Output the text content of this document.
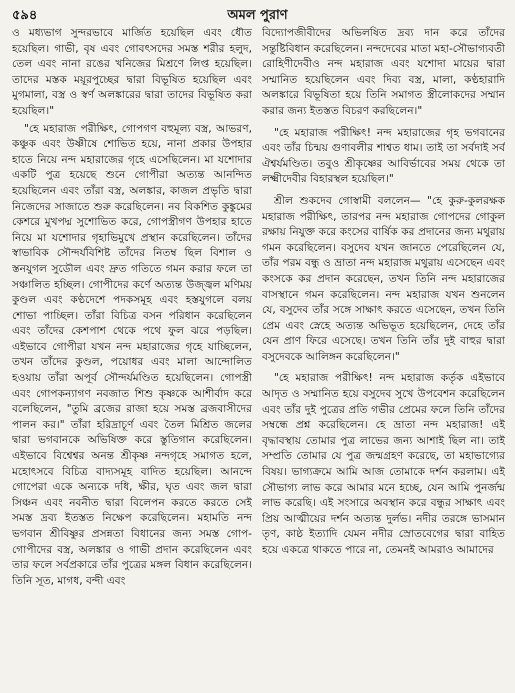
৫৯৪	অমল পুরাণ

ও মধ্যভাগ সুন্দরভাবে মার্জিত হয়েছিল এবং ধৌত হয়েছিল। গাভী, বৃষ এবং গোবৎসদের সমস্ত শরীর হলুদ, তেল এবং নানা রঙের খনিজের মিশ্রণে লিপ্ত হয়েছিল। তাদের মস্তক ময়ূরপুচ্ছের দ্বারা বিভূষিত হয়েছিল এবং মুগমালা, বস্ত্র ও স্বর্ণ অলঙ্কারের দ্বারা তাদের বিভূষিত করা হয়েছিল।"

"হে মহারাজ পরীক্ষিৎ, গোপগণ বহুমূল্য বস্ত্র, আভরণ, কঞ্চুক এবং উষ্ণীষে শোভিত হয়ে, নানা প্রকার উপহার হাতে নিয়ে নন্দ মহারাজের গৃহে এসেছিলেন। মা যশোদার একটি পুত্র হয়েছে শুনে গোপীরা অত্যন্ত আনন্দিত হয়েছিলেন এবং তাঁরা বস্ত্র, অলঙ্কার, কাজল প্রভৃতি দ্বারা নিজেদের সাজাতে শুরু করেছিলেন। নব বিকশিত কুঙ্কুমের কেশরে মুখপদ্ম সুশোভিত করে, গোপস্ত্রীগণ উপহার হাতে নিয়ে মা যশোদার গৃহাভিমুখে প্রস্থান করেছিলেন। তাঁদের স্বাভাবিক সৌন্দর্যবিশিষ্ট তাঁদের নিতম্ব ছিল বিশাল ও স্তনযুগল সুডৌল এবং দ্রুত গতিতে গমন করার ফলে তা সঞ্চালিত হচ্ছিল। গোপীদের কর্ণে অত্যন্ত উজ্জ্বল মণিময় কুণ্ডল এবং কণ্ঠদেশে পদকসমূহ এবং হস্তযুগলে বলয় শোভা পাচ্ছিল। তাঁরা বিচিত্র বসন পরিধান করেছিলেন এবং তাঁদের কেশপাশ থেকে পথে ফুল ঝরে পড়ছিল। এইভাবে গোপীরা যখন নন্দ মহারাজের গৃহে যাচ্ছিলেন, তখন তাঁদের কুণ্ডল, পয়োধর এবং মালা আন্দোলিত হওয়ায় তাঁরা অপূর্ব সৌন্দর্যমণ্ডিত হয়েছিলেন। গোপস্ত্রী এবং গোপকন্যাগণ নবজাত শিশু কৃষ্ণকে আশীর্বাদ করে বলেছিলেন, "তুমি ব্রজের রাজা হয়ে সমস্ত ব্রজবাসীদের পালন কর।" তাঁরা হরিদ্রাচূর্ণ এবং তৈল মিশ্রিত জলের দ্বারা ভগবানকে অভিষিক্ত করে স্তুতিগান করেছিলেন। এইভাবে বিশ্বেশ্বর অনন্ত শ্রীকৃষ্ণ নন্দগৃহে সমাগত হলে, মহোৎসবে বিচিত্র বাদ্যসমূহ বাদিত হয়েছিল। আনন্দে গোপেরা একে অন্যকে দধি, ক্ষীর, ঘৃত এবং জল দ্বারা সিঞ্চন এবং নবনীত দ্বারা বিলেপন করতে করতে সেই সমস্ত দ্রব্য ইতস্তত নিক্ষেপ করেছিলেন। মহামতি নন্দ ভগবান শ্রীবিষ্ণুর প্রসন্নতা বিধানের জন্য সমস্ত গোপ-গোপীদের বস্ত্র, অলঙ্কার ও গাভী প্রদান করেছিলেন এবং তার ফলে সর্বপ্রকারে তাঁর পুত্রের মঙ্গল বিধান করেছিলেন। তিনি সূত, মাগধ, বন্দী এবং

বিদ্যোপজীবীদের অভিলষিত দ্রব্য দান করে তাঁদের সন্তুষ্টিবিধান করেছিলেন। নন্দদেবের মাতা মহা-সৌভাগ্যবতী রোহিণীদেবীও নন্দ মহারাজ এবং যশোদা মায়ের দ্বারা সম্মানিত হয়েছিলেন এবং দিব্য বস্ত্র, মালা, কণ্ঠহারাদি অলঙ্কারে বিভূষিতা হয়ে তিনি সমাগত স্ত্রীলোকদের সম্মান করার জন্য ইতস্তত বিচরণ করছিলেন।"

"হে মহারাজ পরীক্ষিৎ! নন্দ মহারাজের গৃহ ভগবানের এবং তাঁর চিন্ময় গুণাবলীর শাশ্বত ধাম। তাই তা সর্বদাই সর্ব ঐশ্বর্যমণ্ডিত। তবুও শ্রীকৃষ্ণের আবির্ভাবের সময় থেকে তা লক্ষ্মীদেবীর বিহারস্থল হয়েছিল।"

শ্রীল শুকদেব গোস্বামী বললেন— "হে কুরু-কুলরক্ষক মহারাজ পরীক্ষিৎ, তারপর নন্দ মহারাজ গোপদের গোকুল রক্ষায় নিযুক্ত করে কংসের বার্ষিক কর প্রদানের জন্য মথুরায় গমন করেছিলেন। বসুদেব যখন জানতে পেরেছিলেন যে, তাঁর পরম বন্ধু ও ভ্রাতা নন্দ মহারাজ মথুরায় এসেছেন এবং কংসকে কর প্রদান করেছেন, তখন তিনি নন্দ মহারাজের বাসস্থানে গমন করেছিলেন। নন্দ মহারাজ যখন শুনলেন যে, বসুদেব তাঁর সঙ্গে সাক্ষাৎ করতে এসেছেন, তখন তিনি প্রেম এবং স্নেহে অত্যন্ত অভিভূত হয়েছিলেন, দেহে তাঁর যেন প্রাণ ফিরে এসেছে। তখন তিনি তাঁর দুই বাহুর দ্বারা বসুদেবকে আলিঙ্গন করেছিলেন।"

"হে মহারাজ পরীক্ষিৎ! নন্দ মহারাজ কর্তৃক এইভাবে আদৃত ও সম্মানিত হয়ে বসুদেব সুখে উপবেশন করেছিলেন এবং তাঁর দুই পুত্রের প্রতি গভীর প্রেমের ফলে তিনি তাঁদের সম্বন্ধে প্রশ্ন করেছিলেন। হে ভ্রাতা নন্দ মহারাজ! এই বৃদ্ধাবস্থায় তোমার পুত্র লাভের জন্য আশাই ছিল না। তাই সম্প্রতি তোমার যে পুত্র জন্মগ্রহণ করেছে, তা মহাভাগ্যের বিষয়। ভাগ্যক্রমে আমি আজ তোমাকে দর্শন করলাম। এই সৌভাগ্য লাভ করে আমার মনে হচ্ছে, যেন আমি পুনর্জন্ম লাভ করেছি। এই সংসারে অবস্থান করে বন্ধুর সাক্ষাৎ এবং প্রিয় আত্মীয়ের দর্শন অত্যন্ত দুর্লভ। নদীর তরঙ্গে ভাসমান তৃণ, কাষ্ঠ ইত্যাদি যেমন নদীর স্রোতবেগের দ্বারা বাহিত হয়ে একত্রে থাকতে পারে না, তেমনই আমরাও আমাদের
